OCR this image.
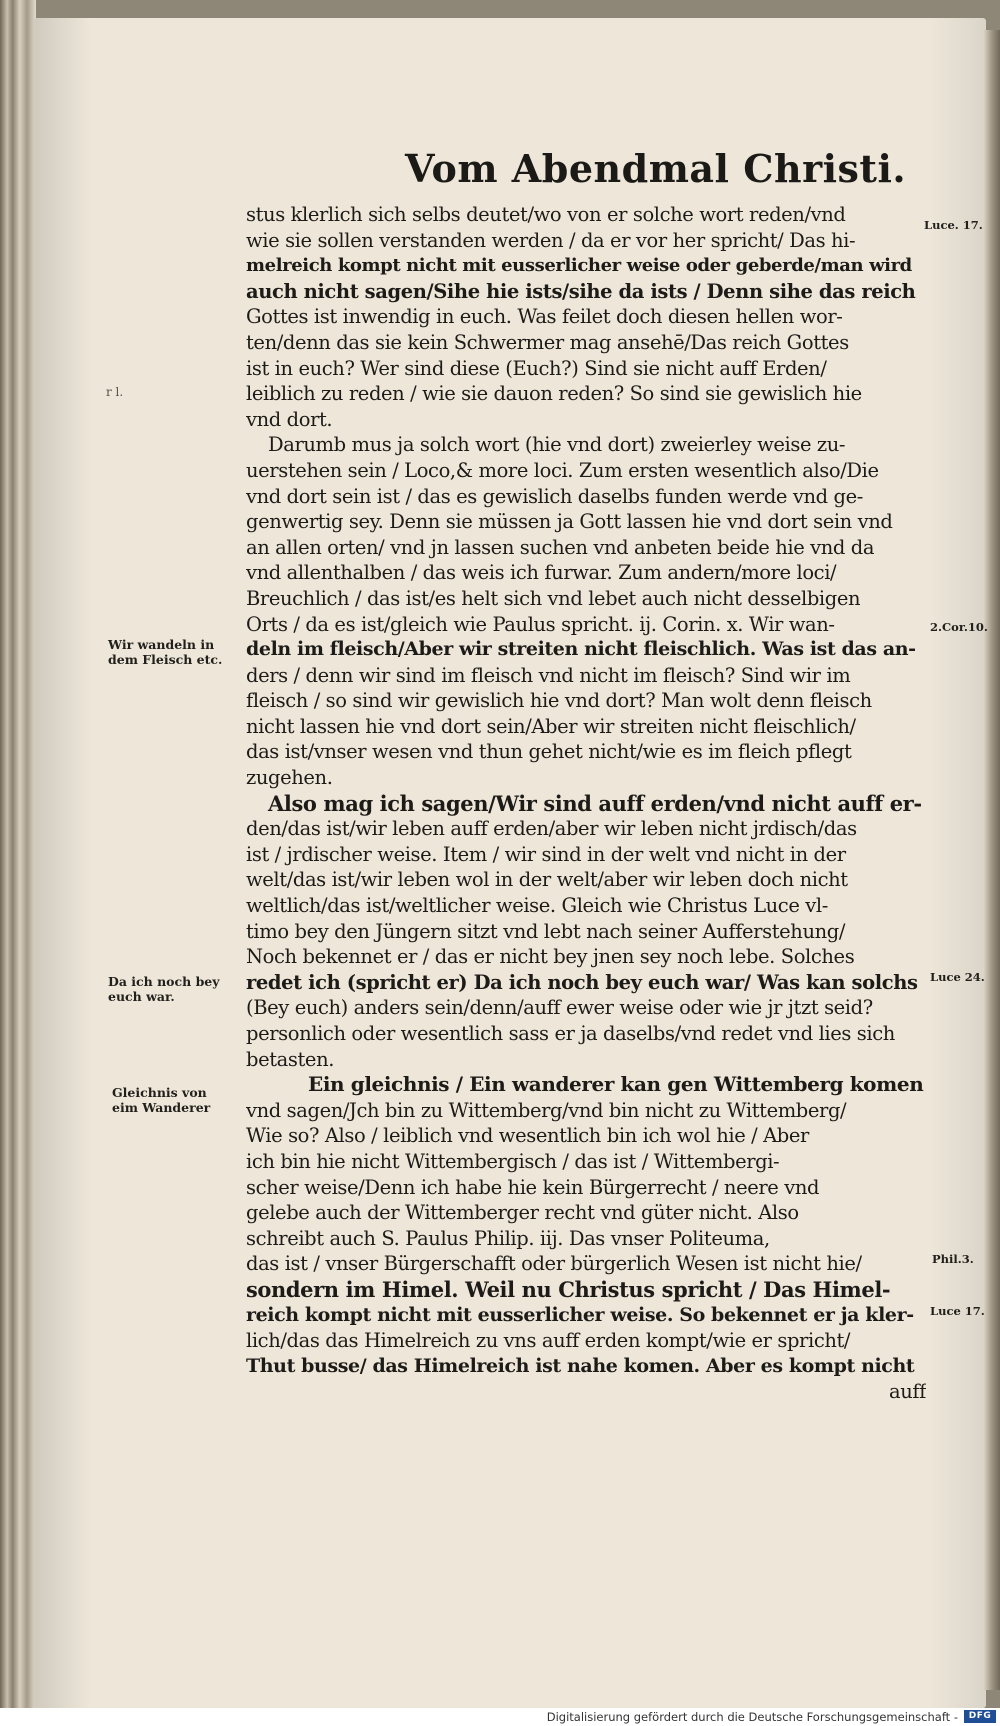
Vom Abendmal Christi.
stus klerlich sich selbs deutet/wo von er solche wort reden/vnd
wie sie sollen verstanden werden / da er vor her spricht/ Das hi-
melreich kompt nicht mit eusserlicher weise oder geberde/man wird
auch nicht sagen/Sihe hie ists/sihe da ists / Denn sihe das reich
Gottes ist inwendig in euch. Was feilet doch diesen hellen wor-
ten/denn das sie kein Schwermer mag ansehē/Das reich Gottes
ist in euch? Wer sind diese (Euch?) Sind sie nicht auff Erden/
leiblich zu reden / wie sie dauon reden? So sind sie gewislich hie
vnd dort.
Darumb mus ja solch wort (hie vnd dort) zweierley weise zu-
uerstehen sein / Loco,& more loci. Zum ersten wesentlich also/Die
vnd dort sein ist / das es gewislich daselbs funden werde vnd ge-
genwertig sey. Denn sie müssen ja Gott lassen hie vnd dort sein vnd
an allen orten/ vnd jn lassen suchen vnd anbeten beide hie vnd da
vnd allenthalben / das weis ich furwar. Zum andern/more loci/
Breuchlich / das ist/es helt sich vnd lebet auch nicht desselbigen
Orts / da es ist/gleich wie Paulus spricht. ij. Corin. x. Wir wan-
deln im fleisch/Aber wir streiten nicht fleischlich. Was ist das an-
ders / denn wir sind im fleisch vnd nicht im fleisch? Sind wir im
fleisch / so sind wir gewislich hie vnd dort? Man wolt denn fleisch
nicht lassen hie vnd dort sein/Aber wir streiten nicht fleischlich/
das ist/vnser wesen vnd thun gehet nicht/wie es im fleich pflegt
zugehen.
Also mag ich sagen/Wir sind auff erden/vnd nicht auff er-
den/das ist/wir leben auff erden/aber wir leben nicht jrdisch/das
ist / jrdischer weise. Item / wir sind in der welt vnd nicht in der
welt/das ist/wir leben wol in der welt/aber wir leben doch nicht
weltlich/das ist/weltlicher weise. Gleich wie Christus Luce vl-
timo bey den Jüngern sitzt vnd lebt nach seiner Aufferstehung/
Noch bekennet er / das er nicht bey jnen sey noch lebe. Solches
redet ich (spricht er) Da ich noch bey euch war/ Was kan solchs
(Bey euch) anders sein/denn/auff ewer weise oder wie jr jtzt seid?
personlich oder wesentlich sass er ja daselbs/vnd redet vnd lies sich
betasten.
Ein gleichnis / Ein wanderer kan gen Wittemberg komen
vnd sagen/Jch bin zu Wittemberg/vnd bin nicht zu Wittemberg/
Wie so? Also / leiblich vnd wesentlich bin ich wol hie / Aber
ich bin hie nicht Wittembergisch / das ist / Wittembergi-
scher weise/Denn ich habe hie kein Bürgerrecht / neere vnd
gelebe auch der Wittemberger recht vnd güter nicht. Also
schreibt auch S. Paulus Philip. iij. Das vnser Politeuma,
das ist / vnser Bürgerschafft oder bürgerlich Wesen ist nicht hie/
sondern im Himel. Weil nu Christus spricht / Das Himel-
reich kompt nicht mit eusserlicher weise. So bekennet er ja kler-
lich/das das Himelreich zu vns auff erden kompt/wie er spricht/
Thut busse/ das Himelreich ist nahe komen. Aber es kompt nicht
auff
r l.
Wir wandeln in
dem Fleisch etc.
Da ich noch bey
euch war.
Gleichnis von
eim Wanderer
Luce. 17.
2.Cor.10.
Luce 24.
Phil.3.
Luce 17.
Digitalisierung gefördert durch die Deutsche Forschungsgemeinschaft -	DFG
